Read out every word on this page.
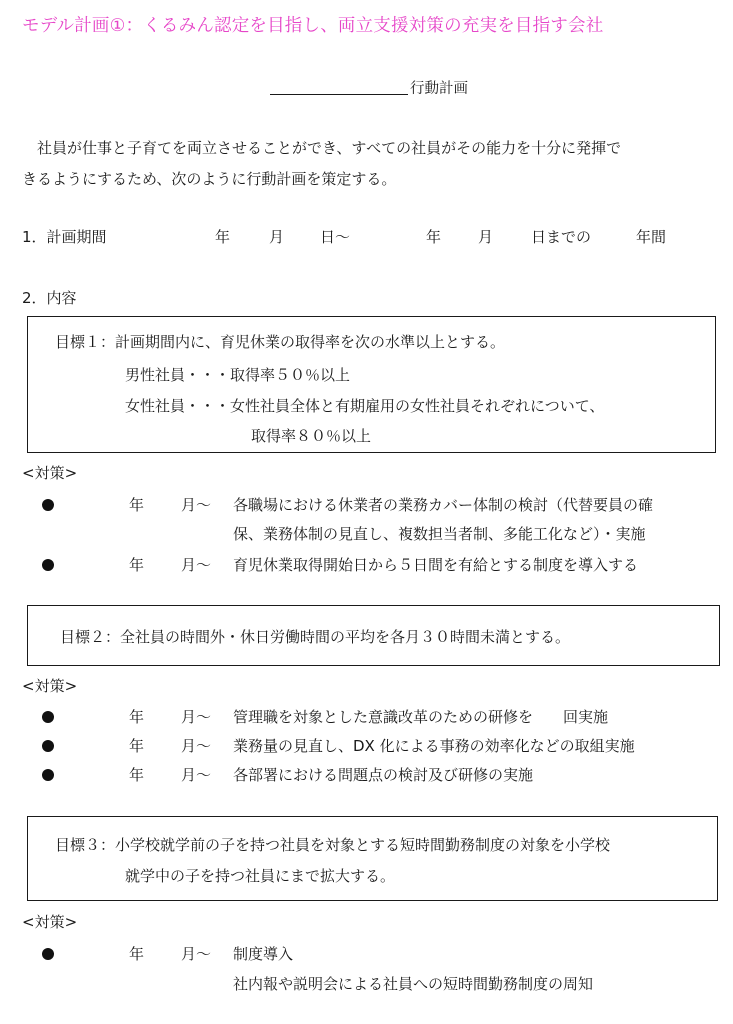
モデル計画①：くるみん認定を目指し、両立支援対策の充実を目指す会社
行動計画
社員が仕事と子育てを両立させることができ、すべての社員がその能力を十分に発揮で
きるようにするため、次のように行動計画を策定する。
1．計画期間	年	月 日～	年 月	日までの	年間
2．内容
目標１：計画期間内に、育児休業の取得率を次の水準以上とする。
男性社員・・・取得率５０％以上
女性社員・・・女性社員全体と有期雇用の女性社員それぞれについて、
取得率８０％以上
<対策>
年 月～ 各職場における休業者の業務カバー体制の検討（代替要員の確
保、業務体制の見直し、複数担当者制、多能工化など）・実施
年 月～ 育児休業取得開始日から５日間を有給とする制度を導入する
目標２：全社員の時間外・休日労働時間の平均を各月３０時間未満とする。
<対策>
年 月～ 管理職を対象とした意識改革のための研修を　　回実施
年 月～ 業務量の見直し、DX 化による事務の効率化などの取組実施
年 月～ 各部署における問題点の検討及び研修の実施
目標３：小学校就学前の子を持つ社員を対象とする短時間勤務制度の対象を小学校
就学中の子を持つ社員にまで拡大する。
<対策>
年 月～ 制度導入
社内報や説明会による社員への短時間勤務制度の周知
